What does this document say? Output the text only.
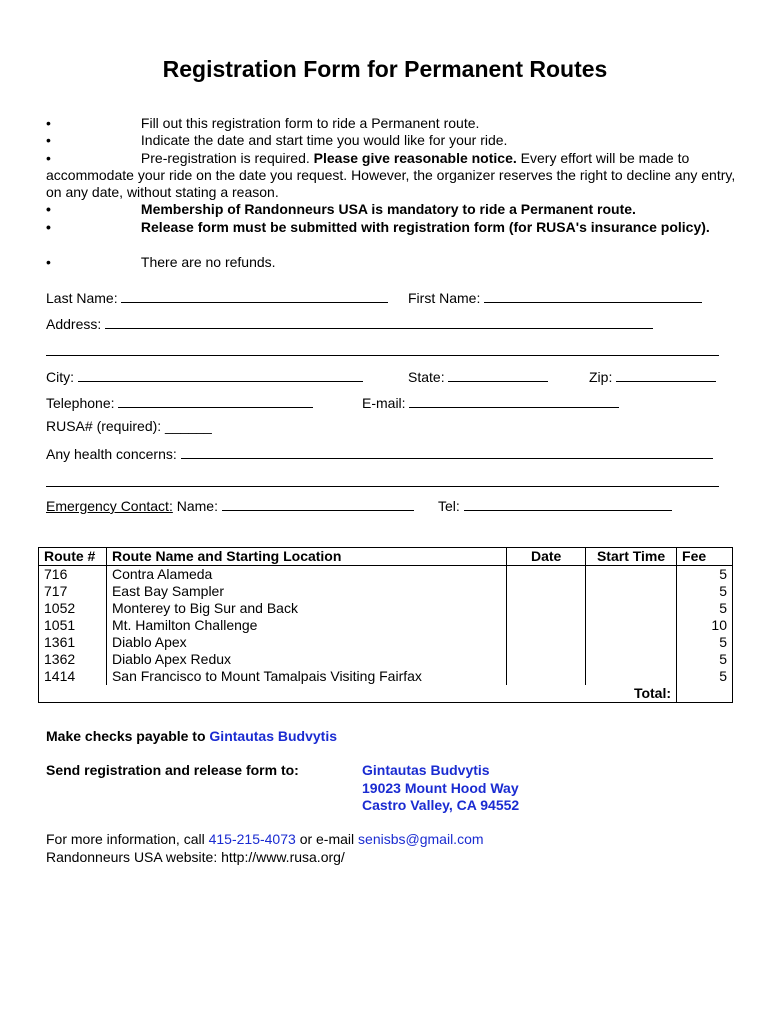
Registration Form for Permanent Routes
•	Fill out this registration form to ride a Permanent route.
•	Indicate the date and start time you would like for your ride.
•	Pre-registration is required. Please give reasonable notice. Every effort will be made to accommodate your ride on the date you request. However, the organizer reserves the right to decline any entry, on any date, without stating a reason.
•	Membership of Randonneurs USA is mandatory to ride a Permanent route.
•	Release form must be submitted with registration form (for RUSA's insurance policy).
•	There are no refunds.
Last Name:	First Name:
Address:
City:	State:	Zip:
Telephone:	E-mail:
RUSA# (required): ______
Any health concerns:
Emergency Contact: Name:	Tel:
Route #	Route Name and Starting Location	Date	Start Time	Fee
716	Contra Alameda			5
717	East Bay Sampler			5
1052	Monterey to Big Sur and Back			5
1051	Mt. Hamilton Challenge			10
1361	Diablo Apex			5
1362	Diablo Apex Redux			5
1414	San Francisco to Mount Tamalpais Visiting Fairfax			5
Total:				
Make checks payable to Gintautas Budvytis
Send registration and release form to:	Gintautas Budvytis
19023 Mount Hood Way
Castro Valley, CA 94552
For more information, call 415-215-4073 or e-mail senisbs@gmail.com
Randonneurs USA website: http://www.rusa.org/
